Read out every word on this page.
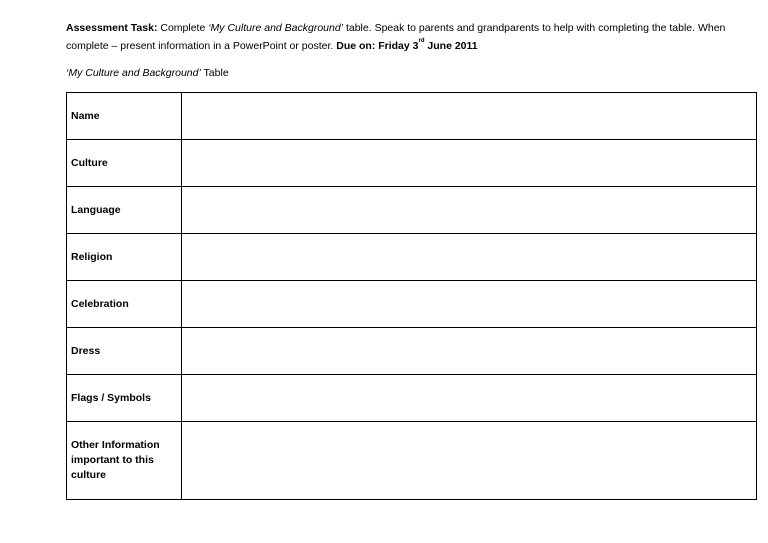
Assessment Task: Complete ‘My Culture and Background’ table. Speak to parents and grandparents to help with completing the table. When complete – present information in a PowerPoint or poster. Due on: Friday 3rd June 2011

‘My Culture and Background’ Table

Name	
Culture	
Language	
Religion	
Celebration	
Dress	
Flags / Symbols	
Other Information important to this culture	
